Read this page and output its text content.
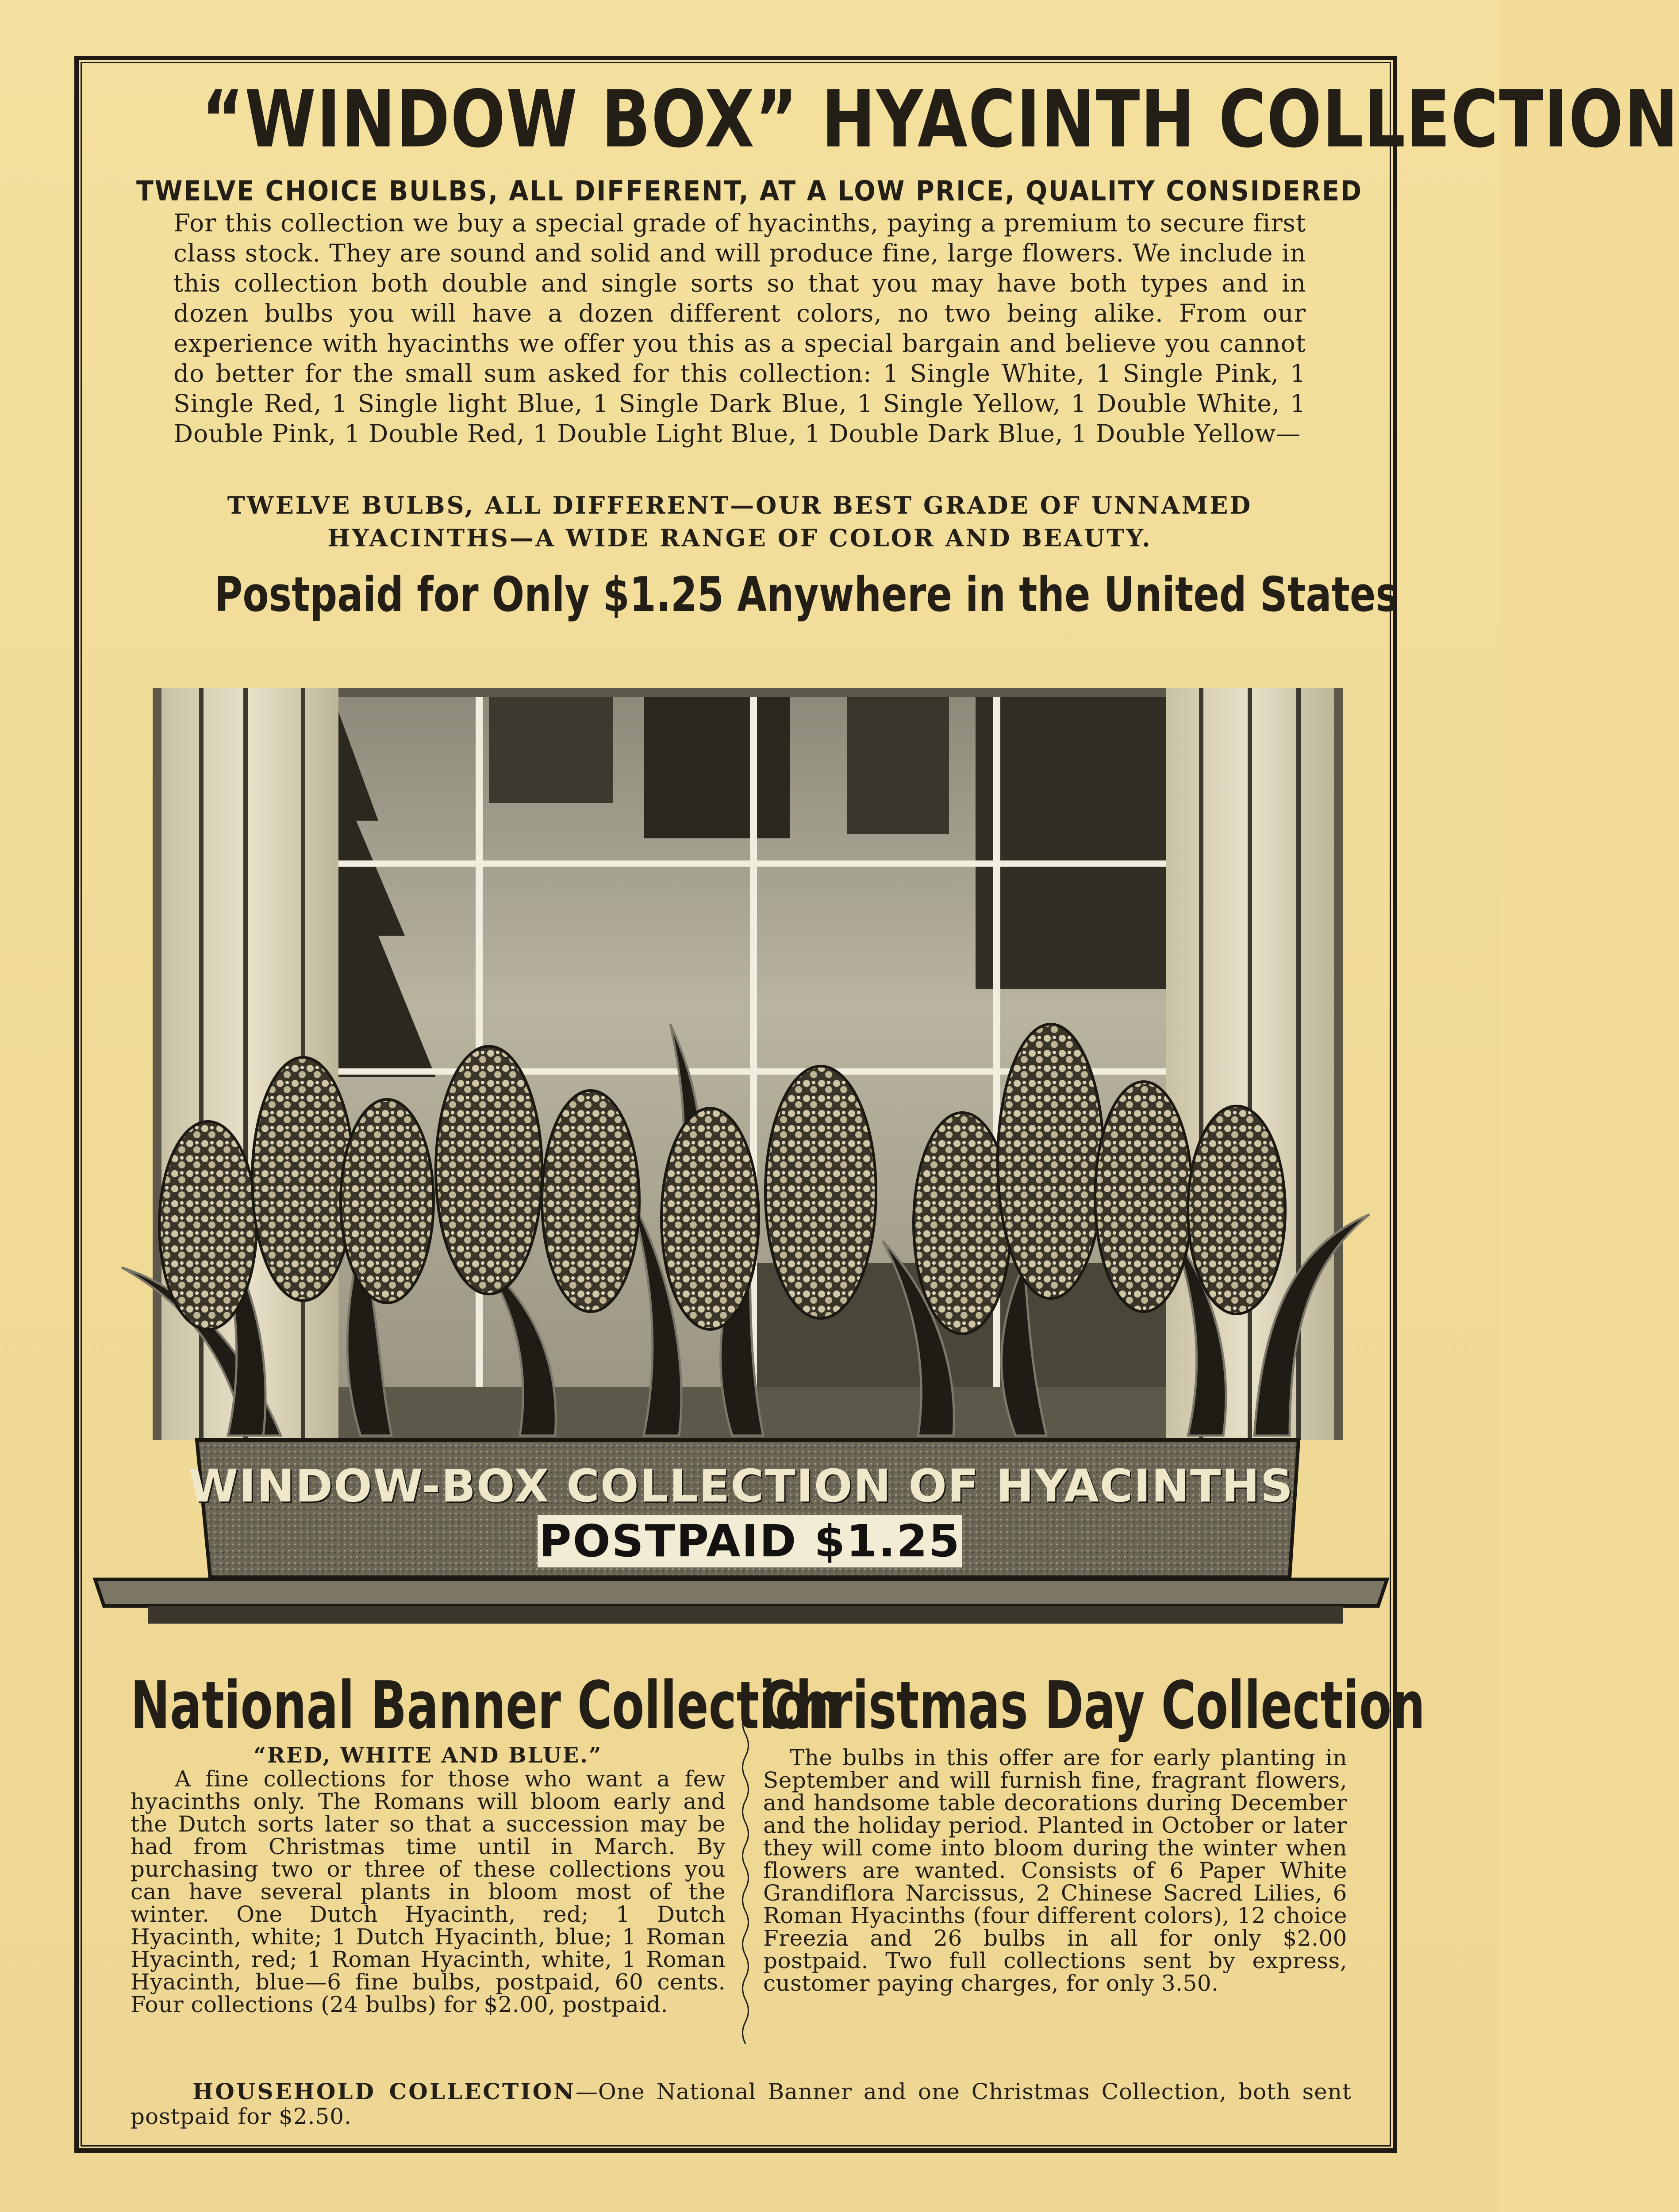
“WINDOW BOX” HYACINTH COLLECTION
TWELVE CHOICE BULBS, ALL DIFFERENT, AT A LOW PRICE, QUALITY CONSIDERED
For this collection we buy a special grade of hyacinths, paying a premium to secure first class stock. They are sound and solid and will produce fine, large flowers. We include in this collection both double and single sorts so that you may have both types and in dozen bulbs you will have a dozen different colors, no two being alike. From our experience with hyacinths we offer you this as a special bargain and believe you cannot do better for the small sum asked for this collection: 1 Single White, 1 Single Pink, 1 Single Red, 1 Single light Blue, 1 Single Dark Blue, 1 Single Yellow, 1 Double White, 1 Double Pink, 1 Double Red, 1 Double Light Blue, 1 Double Dark Blue, 1 Double Yellow—
TWELVE BULBS, ALL DIFFERENT—OUR BEST GRADE OF UNNAMED HYACINTHS—A WIDE RANGE OF COLOR AND BEAUTY.
Postpaid for Only $1.25 Anywhere in the United States
WINDOW-BOX COLLECTION OF HYACINTHS
POSTPAID $1.25
National Banner Collection
Christmas Day Collection
“RED, WHITE AND BLUE.”
A fine collections for those who want a few hyacinths only. The Romans will bloom early and the Dutch sorts later so that a succession may be had from Christmas time until in March. By purchasing two or three of these collections you can have several plants in bloom most of the winter. One Dutch Hyacinth, red; 1 Dutch Hyacinth, white; 1 Dutch Hyacinth, blue; 1 Roman Hyacinth, red; 1 Roman Hyacinth, white, 1 Roman Hyacinth, blue—6 fine bulbs, postpaid, 60 cents. Four collections (24 bulbs) for $2.00, postpaid.
The bulbs in this offer are for early planting in September and will furnish fine, fragrant flowers, and handsome table decorations during December and the holiday period. Planted in October or later they will come into bloom during the winter when flowers are wanted. Consists of 6 Paper White Grandiflora Narcissus, 2 Chinese Sacred Lilies, 6 Roman Hyacinths (four different colors), 12 choice Freezia and 26 bulbs in all for only $2.00 postpaid. Two full collections sent by express, customer paying charges, for only 3.50.
HOUSEHOLD COLLECTION—One National Banner and one Christmas Collection, both sent postpaid for $2.50.
